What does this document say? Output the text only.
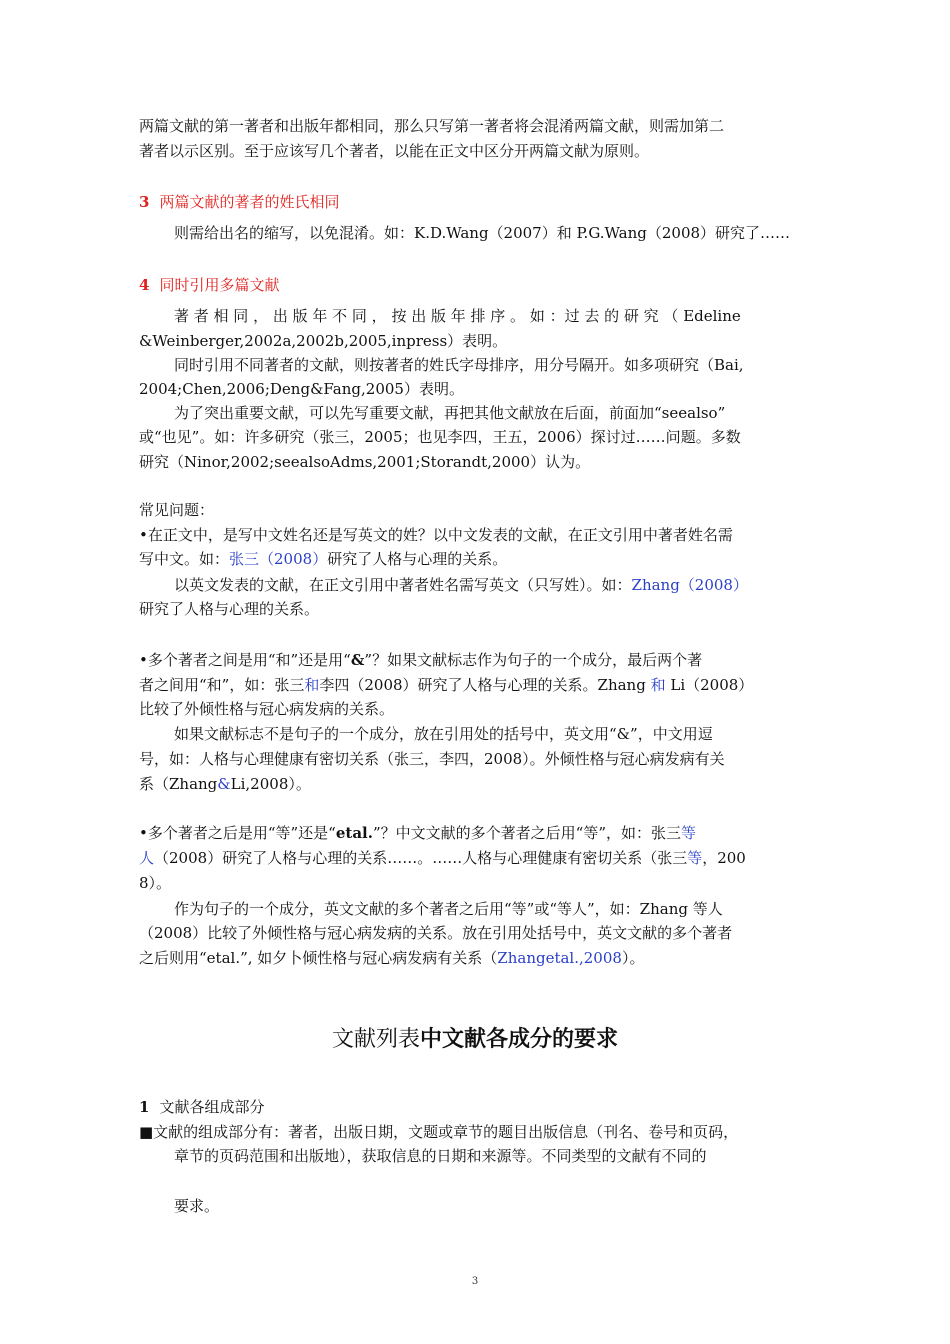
两篇文献的第一著者和出版年都相同，那么只写第一著者将会混淆两篇文献，则需加第二
著者以示区别。至于应该写几个著者，以能在正文中区分开两篇文献为原则。
3 两篇文献的著者的姓氏相同
则需给出名的缩写，以免混淆。如：K.D.Wang（2007）和 P.G.Wang（2008）研究了……
4 同时引用多篇文献
著 者 相 同 ， 出 版 年 不 同 ， 按 出 版 年 排 序 。 如 ：过 去 的 研 究 （ Edeline
&Weinberger,2002a,2002b,2005,inpress）表明。
同时引用不同著者的文献，则按著者的姓氏字母排序，用分号隔开。如多项研究（Bai,
2004;Chen,2006;Deng&Fang,2005）表明。
为了突出重要文献，可以先写重要文献，再把其他文献放在后面，前面加“seealso”
或“也见”。如：许多研究（张三，2005；也见李四，王五，2006）探讨过……问题。多数
研究（Ninor,2002;seealsoAdms,2001;Storandt,2000）认为。
常见问题：
•在正文中，是写中文姓名还是写英文的姓？以中文发表的文献，在正文引用中著者姓名需
写中文。如：张三（2008）研究了人格与心理的关系。
以英文发表的文献，在正文引用中著者姓名需写英文（只写姓）。如：Zhang（2008）
研究了人格与心理的关系。
•多个著者之间是用“和”还是用“&”？如果文献标志作为句子的一个成分，最后两个著
者之间用“和”，如：张三和李四（2008）研究了人格与心理的关系。Zhang 和 Li（2008）
比较了外倾性格与冠心病发病的关系。
如果文献标志不是句子的一个成分，放在引用处的括号中，英文用“&”，中文用逗
号，如：人格与心理健康有密切关系（张三，李四，2008）。外倾性格与冠心病发病有关
系（Zhang&Li,2008）。
•多个著者之后是用“等”还是“etal.”？中文文献的多个著者之后用“等”，如：张三等
人（2008）研究了人格与心理的关系……。……人格与心理健康有密切关系（张三等，200
8）。
作为句子的一个成分，英文文献的多个著者之后用“等”或“等人”，如：Zhang 等人
（2008）比较了外倾性格与冠心病发病的关系。放在引用处括号中，英文文献的多个著者
之后则用“etal.”, 如夕卜倾性格与冠心病发病有关系（Zhangetal.,2008）。
文献列表中文献各成分的要求
1 文献各组成部分
■文献的组成部分有：著者，出版日期，文题或章节的题目出版信息（刊名、卷号和页码，
章节的页码范围和出版地），获取信息的日期和来源等。不同类型的文献有不同的
要求。
3
